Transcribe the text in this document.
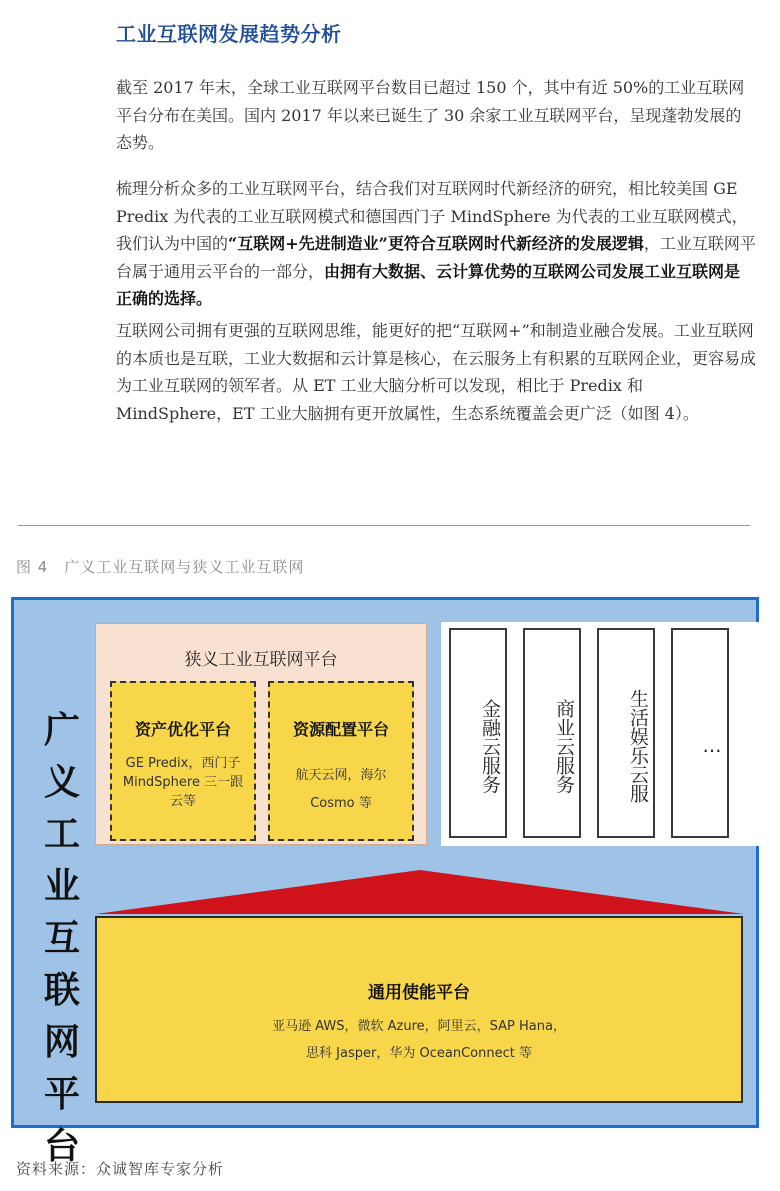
工业互联网发展趋势分析
截至 2017 年末，全球工业互联网平台数目已超过 150 个，其中有近 50%的工业互联网平台分布在美国。国内 2017 年以来已诞生了 30 余家工业互联网平台，呈现蓬勃发展的态势。
梳理分析众多的工业互联网平台，结合我们对互联网时代新经济的研究，相比较美国 GE Predix 为代表的工业互联网模式和德国西门子 MindSphere 为代表的工业互联网模式，我们认为中国的“互联网+先进制造业”更符合互联网时代新经济的发展逻辑，工业互联网平台属于通用云平台的一部分，由拥有大数据、云计算优势的互联网公司发展工业互联网是正确的选择。
互联网公司拥有更强的互联网思维，能更好的把“互联网+”和制造业融合发展。工业互联网的本质也是互联，工业大数据和云计算是核心，在云服务上有积累的互联网企业，更容易成为工业互联网的领军者。从 ET 工业大脑分析可以发现，相比于 Predix 和 MindSphere，ET 工业大脑拥有更开放属性，生态系统覆盖会更广泛（如图 4）。
图 4　广义工业互联网与狭义工业互联网
广义工业互联网平台
狭义工业互联网平台
资产优化平台
GE Predix，西门子 MindSphere 三一跟云等
资源配置平台
航天云网，海尔 Cosmo 等
金融云服务	商业云服务	生活娱乐云服	…
通用使能平台
亚马逊 AWS，微软 Azure，阿里云，SAP Hana，
思科 Jasper，华为 OceanConnect 等
资料来源：众诚智库专家分析
